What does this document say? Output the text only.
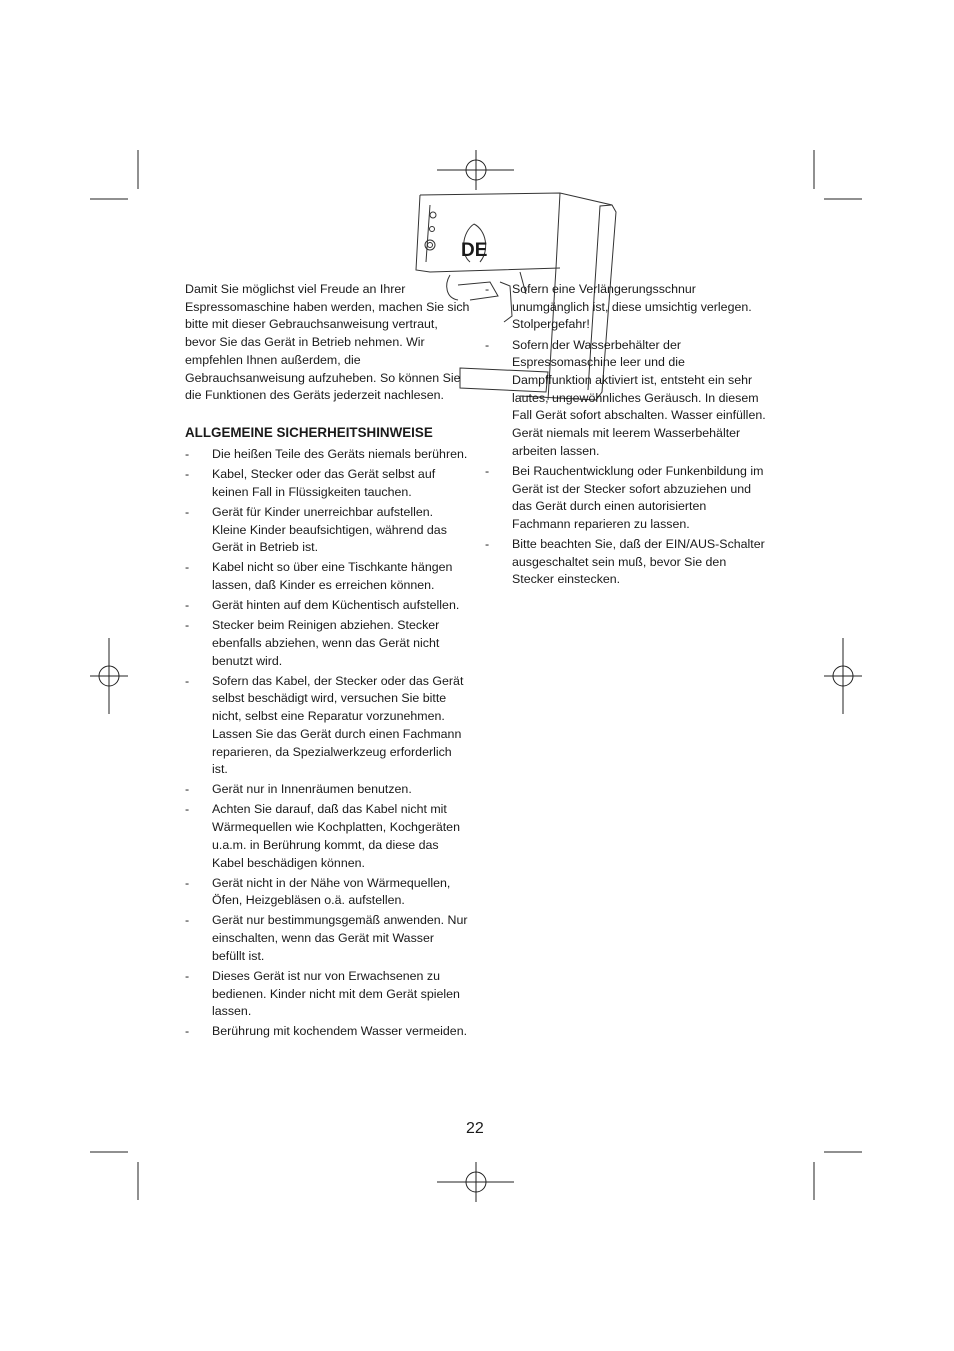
DE

Damit Sie möglichst viel Freude an Ihrer Espressomaschine haben werden, machen Sie sich bitte mit dieser Gebrauchsanweisung vertraut, bevor Sie das Gerät in Betrieb nehmen. Wir empfehlen Ihnen außerdem, die Gebrauchsanweisung aufzuheben. So können Sie die Funktionen des Geräts jederzeit nachlesen.

ALLGEMEINE SICHERHEITSHINWEISE
- Die heißen Teile des Geräts niemals berühren.
- Kabel, Stecker oder das Gerät selbst auf keinen Fall in Flüssigkeiten tauchen.
- Gerät für Kinder unerreichbar aufstellen. Kleine Kinder beaufsichtigen, während das Gerät in Betrieb ist.
- Kabel nicht so über eine Tischkante hängen lassen, daß Kinder es erreichen können.
- Gerät hinten auf dem Küchentisch aufstellen.
- Stecker beim Reinigen abziehen. Stecker ebenfalls abziehen, wenn das Gerät nicht benutzt wird.
- Sofern das Kabel, der Stecker oder das Gerät selbst beschädigt wird, versuchen Sie bitte nicht, selbst eine Reparatur vorzunehmen. Lassen Sie das Gerät durch einen Fachmann reparieren, da Spezialwerkzeug erforderlich ist.
- Gerät nur in Innenräumen benutzen.
- Achten Sie darauf, daß das Kabel nicht mit Wärmequellen wie Kochplatten, Kochgeräten u.a.m. in Berührung kommt, da diese das Kabel beschädigen können.
- Gerät nicht in der Nähe von Wärmequellen, Öfen, Heizgebläsen o.ä. aufstellen.
- Gerät nur bestimmungsgemäß anwenden. Nur einschalten, wenn das Gerät mit Wasser befüllt ist.
- Dieses Gerät ist nur von Erwachsenen zu bedienen. Kinder nicht mit dem Gerät spielen lassen.
- Berührung mit kochendem Wasser vermeiden.
- Sofern eine Verlängerungsschnur unumgänglich ist, diese umsichtig verlegen. Stolpergefahr!
- Sofern der Wasserbehälter der Espressomaschine leer und die Dampffunktion aktiviert ist, entsteht ein sehr lautes, ungewöhnliches Geräusch. In diesem Fall Gerät sofort abschalten. Wasser einfüllen. Gerät niemals mit leerem Wasserbehälter arbeiten lassen.
- Bei Rauchentwicklung oder Funkenbildung im Gerät ist der Stecker sofort abzuziehen und das Gerät durch einen autorisierten Fachmann reparieren zu lassen.
- Bitte beachten Sie, daß der EIN/AUS-Schalter ausgeschaltet sein muß, bevor Sie den Stecker einstecken.
22
